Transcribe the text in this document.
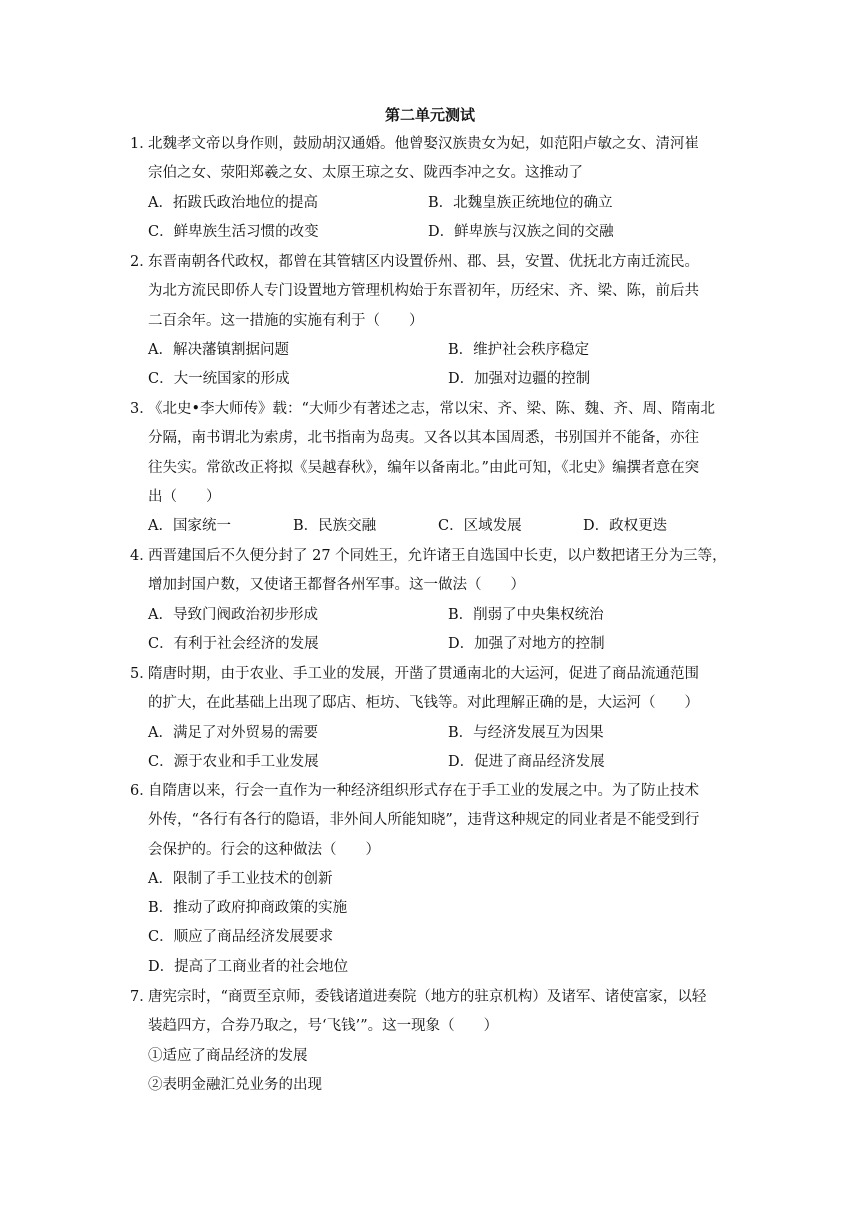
第二单元测试
1．
北魏孝文帝以身作则，鼓励胡汉通婚。他曾娶汉族贵女为妃，如范阳卢敏之女、清河崔
宗伯之女、荥阳郑羲之女、太原王琼之女、陇西李冲之女。这推动了
A．拓跋氏政治地位的提高	B．北魏皇族正统地位的确立
C．鲜卑族生活习惯的改变	D．鲜卑族与汉族之间的交融
2．
东晋南朝各代政权，都曾在其管辖区内设置侨州、郡、县，安置、优抚北方南迁流民。
为北方流民即侨人专门设置地方管理机构始于东晋初年，历经宋、齐、梁、陈，前后共
二百余年。这一措施的实施有利于（　　）
A．解决藩镇割据问题	B．维护社会秩序稳定
C．大一统国家的形成	D．加强对边疆的控制
3．
《北史•李大师传》载：“大师少有著述之志，常以宋、齐、梁、陈、魏、齐、周、隋南北
分隔，南书谓北为索虏，北书指南为岛夷。又各以其本国周悉，书别国并不能备，亦往
往失实。常欲改正将拟《吴越春秋》，编年以备南北。”由此可知，《北史》编撰者意在突
出（　　）
A．国家统一	B．民族交融	C．区域发展	D．政权更迭
4．
西晋建国后不久便分封了 27 个同姓王，允许诸王自选国中长吏，以户数把诸王分为三等，
增加封国户数，又使诸王都督各州军事。这一做法（　　）
A．导致门阀政治初步形成	B．削弱了中央集权统治
C．有利于社会经济的发展	D．加强了对地方的控制
5．
隋唐时期，由于农业、手工业的发展，开凿了贯通南北的大运河，促进了商品流通范围
的扩大，在此基础上出现了邸店、柜坊、飞钱等。对此理解正确的是，大运河（　　）
A．满足了对外贸易的需要	B．与经济发展互为因果
C．源于农业和手工业发展	D．促进了商品经济发展
6．
自隋唐以来，行会一直作为一种经济组织形式存在于手工业的发展之中。为了防止技术
外传，“各行有各行的隐语，非外间人所能知晓”，违背这种规定的同业者是不能受到行
会保护的。行会的这种做法（　　）
A．限制了手工业技术的创新
B．推动了政府抑商政策的实施
C．顺应了商品经济发展要求
D．提高了工商业者的社会地位
7．
唐宪宗时，“商贾至京师，委钱诸道进奏院（地方的驻京机构）及诸军、诸使富家，以轻
装趋四方，合券乃取之，号‘飞钱’”。这一现象（　　）
①适应了商品经济的发展
②表明金融汇兑业务的出现
